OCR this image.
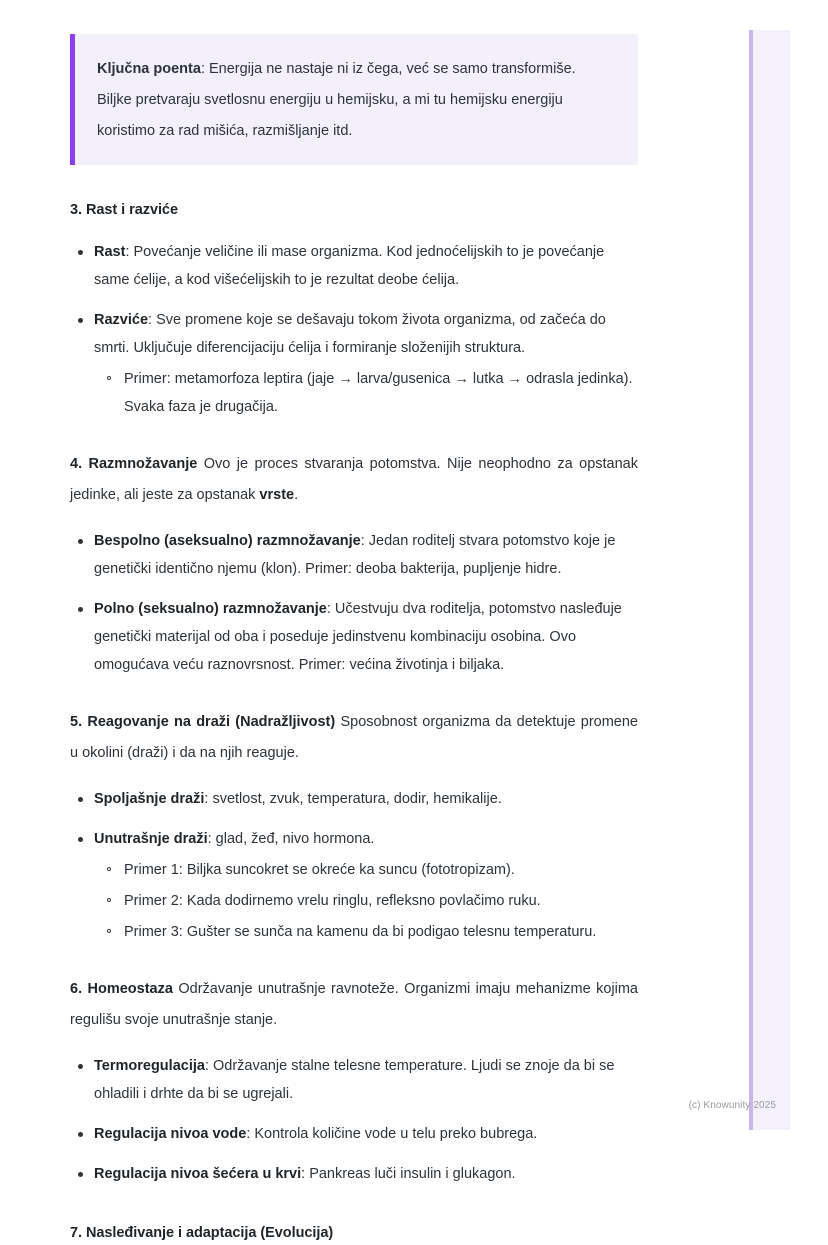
Ključna poenta: Energija ne nastaje ni iz čega, već se samo transformiše. Biljke pretvaraju svetlosnu energiju u hemijsku, a mi tu hemijsku energiju koristimo za rad mišića, razmišljanje itd.

3. Rast i razviće
Rast: Povećanje veličine ili mase organizma. Kod jednoćelijskih to je povećanje same ćelije, a kod višećelijskih to je rezultat deobe ćelija.
Razviće: Sve promene koje se dešavaju tokom života organizma, od začeća do smrti. Uključuje diferencijaciju ćelija i formiranje složenijih struktura.
Primer: metamorfoza leptira (jaje → larva/gusenica → lutka → odrasla jedinka). Svaka faza je drugačija.

4. Razmnožavanje Ovo je proces stvaranja potomstva. Nije neophodno za opstanak jedinke, ali jeste za opstanak vrste.

Bespolno (aseksualno) razmnožavanje: Jedan roditelj stvara potomstvo koje je genetički identično njemu (klon). Primer: deoba bakterija, pupljenje hidre.
Polno (seksualno) razmnožavanje: Učestvuju dva roditelja, potomstvo nasleđuje genetički materijal od oba i poseduje jedinstvenu kombinaciju osobina. Ovo omogućava veću raznovrsnost. Primer: većina životinja i biljaka.

5. Reagovanje na draži (Nadražljivost) Sposobnost organizma da detektuje promene u okolini (draži) i da na njih reaguje.

Spoljašnje draži: svetlost, zvuk, temperatura, dodir, hemikalije.
Unutrašnje draži: glad, žeđ, nivo hormona.
Primer 1: Biljka suncokret se okreće ka suncu (fototropizam).
Primer 2: Kada dodirnemo vrelu ringlu, refleksno povlačimo ruku.
Primer 3: Gušter se sunča na kamenu da bi podigao telesnu temperaturu.

6. Homeostaza Održavanje unutrašnje ravnoteže. Organizmi imaju mehanizme kojima regulišu svoje unutrašnje stanje.

Termoregulacija: Održavanje stalne telesne temperature. Ljudi se znoje da bi se ohladili i drhte da bi se ugrejali.
Regulacija nivoa vode: Kontrola količine vode u telu preko bubrega.
Regulacija nivoa šećera u krvi: Pankreas luči insulin i glukagon.
7. Nasleđivanje i adaptacija (Evolucija)
(c) Knowunity 2025
